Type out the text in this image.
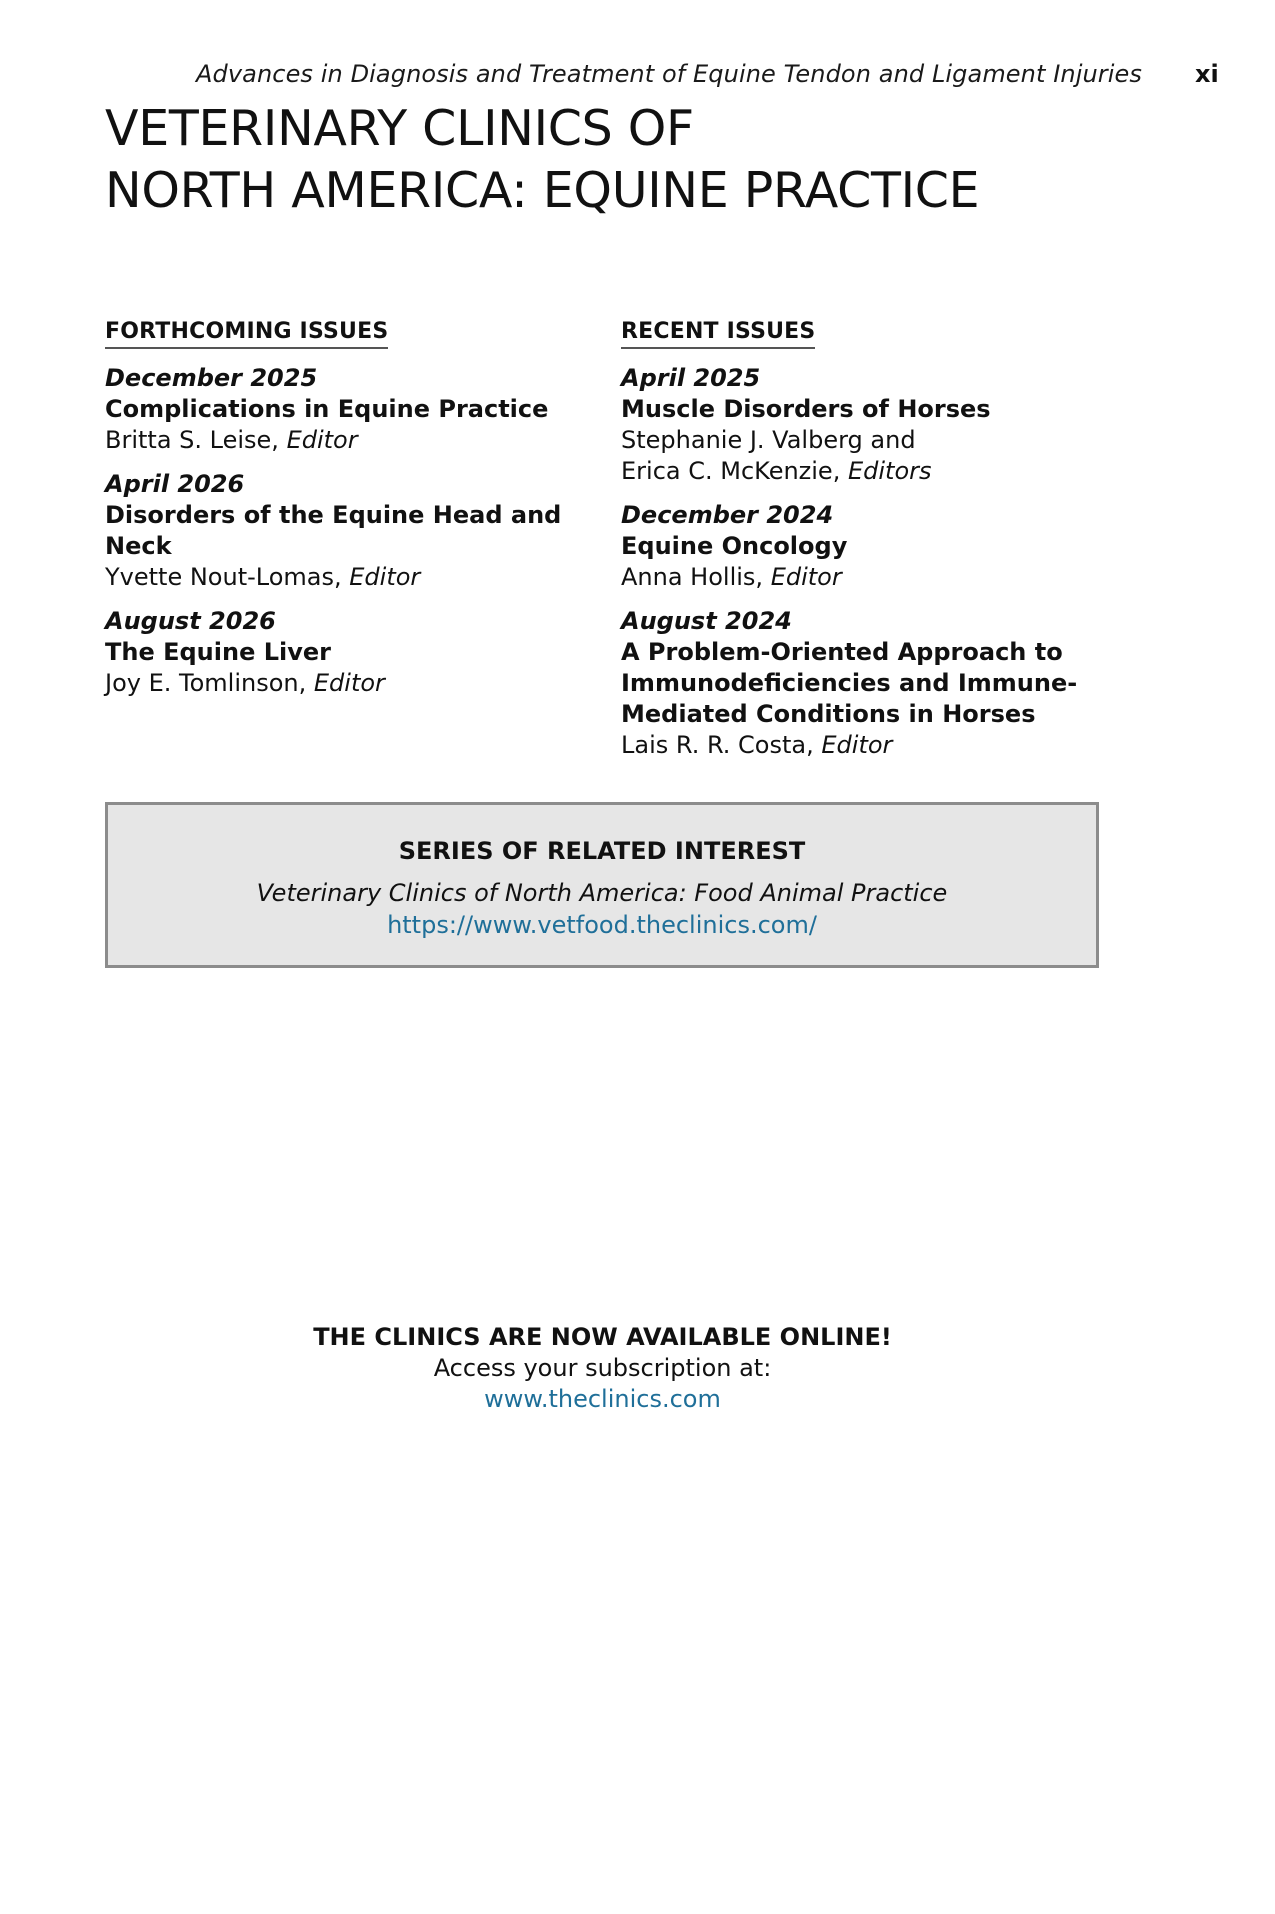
Advances in Diagnosis and Treatment of Equine Tendon and Ligament Injuries xi
VETERINARY CLINICS OF
NORTH AMERICA: EQUINE PRACTICE
FORTHCOMING ISSUES
December 2025
Complications in Equine Practice
Britta S. Leise, Editor
April 2026
Disorders of the Equine Head and Neck
Yvette Nout-Lomas, Editor
August 2026
The Equine Liver
Joy E. Tomlinson, Editor
RECENT ISSUES
April 2025
Muscle Disorders of Horses
Stephanie J. Valberg and
Erica C. McKenzie, Editors
December 2024
Equine Oncology
Anna Hollis, Editor
August 2024
A Problem-Oriented Approach to
Immunodeficiencies and Immune-
Mediated Conditions in Horses
Lais R. R. Costa, Editor
SERIES OF RELATED INTEREST
Veterinary Clinics of North America: Food Animal Practice
https://www.vetfood.theclinics.com/
THE CLINICS ARE NOW AVAILABLE ONLINE!
Access your subscription at:
www.theclinics.com
